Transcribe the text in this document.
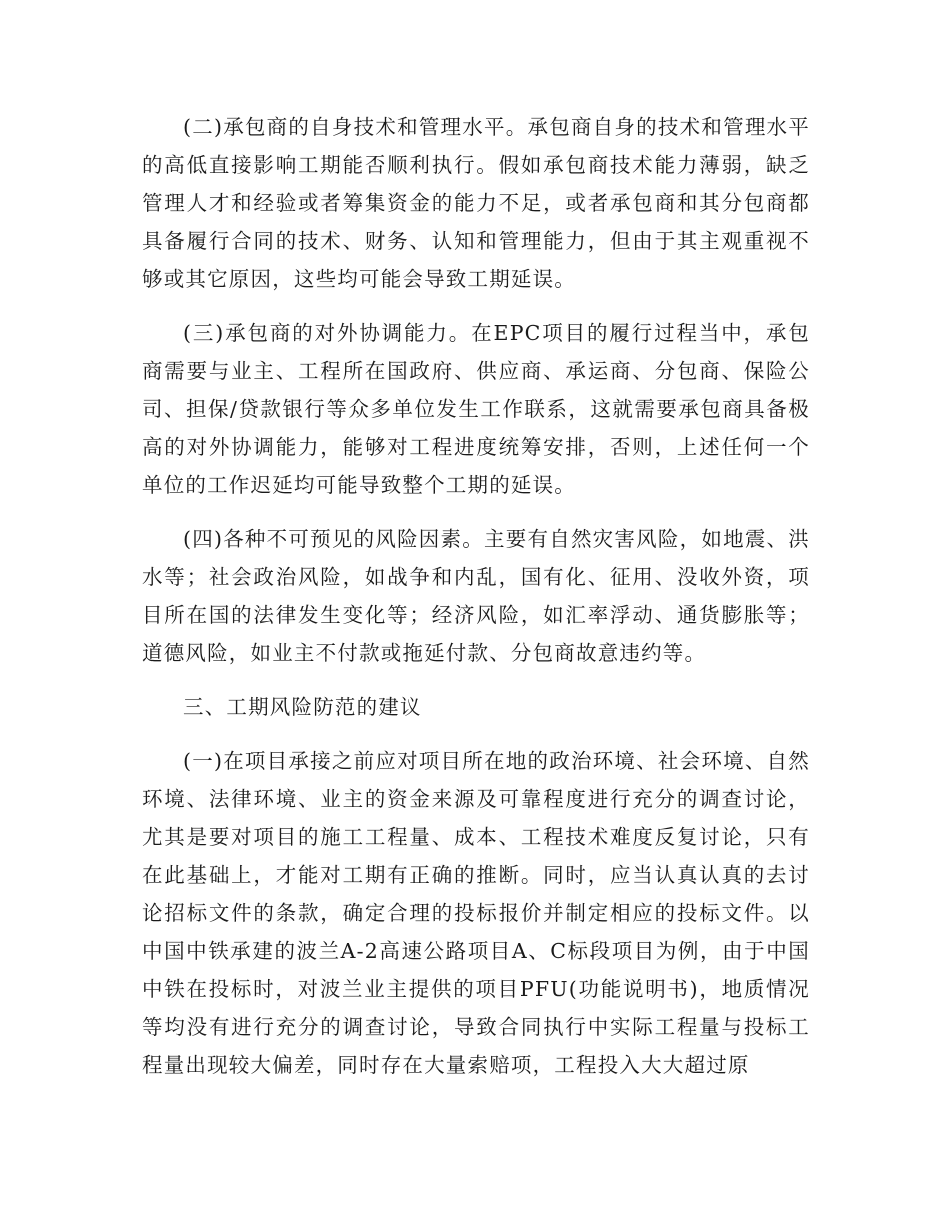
(二)承包商的自身技术和管理水平。承包商自身的技术和管理水平的高低直接影响工期能否顺利执行。假如承包商技术能力薄弱，缺乏管理人才和经验或者筹集资金的能力不足，或者承包商和其分包商都具备履行合同的技术、财务、认知和管理能力，但由于其主观重视不够或其它原因，这些均可能会导致工期延误。

(三)承包商的对外协调能力。在EPC项目的履行过程当中，承包商需要与业主、工程所在国政府、供应商、承运商、分包商、保险公司、担保/贷款银行等众多单位发生工作联系，这就需要承包商具备极高的对外协调能力，能够对工程进度统筹安排，否则，上述任何一个单位的工作迟延均可能导致整个工期的延误。

(四)各种不可预见的风险因素。主要有自然灾害风险，如地震、洪水等；社会政治风险，如战争和内乱，国有化、征用、没收外资，项目所在国的法律发生变化等；经济风险，如汇率浮动、通货膨胀等；道德风险，如业主不付款或拖延付款、分包商故意违约等。

三、工期风险防范的建议

(一)在项目承接之前应对项目所在地的政治环境、社会环境、自然环境、法律环境、业主的资金来源及可靠程度进行充分的调查讨论，尤其是要对项目的施工工程量、成本、工程技术难度反复讨论，只有在此基础上，才能对工期有正确的推断。同时，应当认真认真的去讨论招标文件的条款，确定合理的投标报价并制定相应的投标文件。以中国中铁承建的波兰A-2高速公路项目A、C标段项目为例，由于中国中铁在投标时，对波兰业主提供的项目PFU(功能说明书)，地质情况等均没有进行充分的调查讨论，导致合同执行中实际工程量与投标工程量出现较大偏差，同时存在大量索赔项，工程投入大大超过原
